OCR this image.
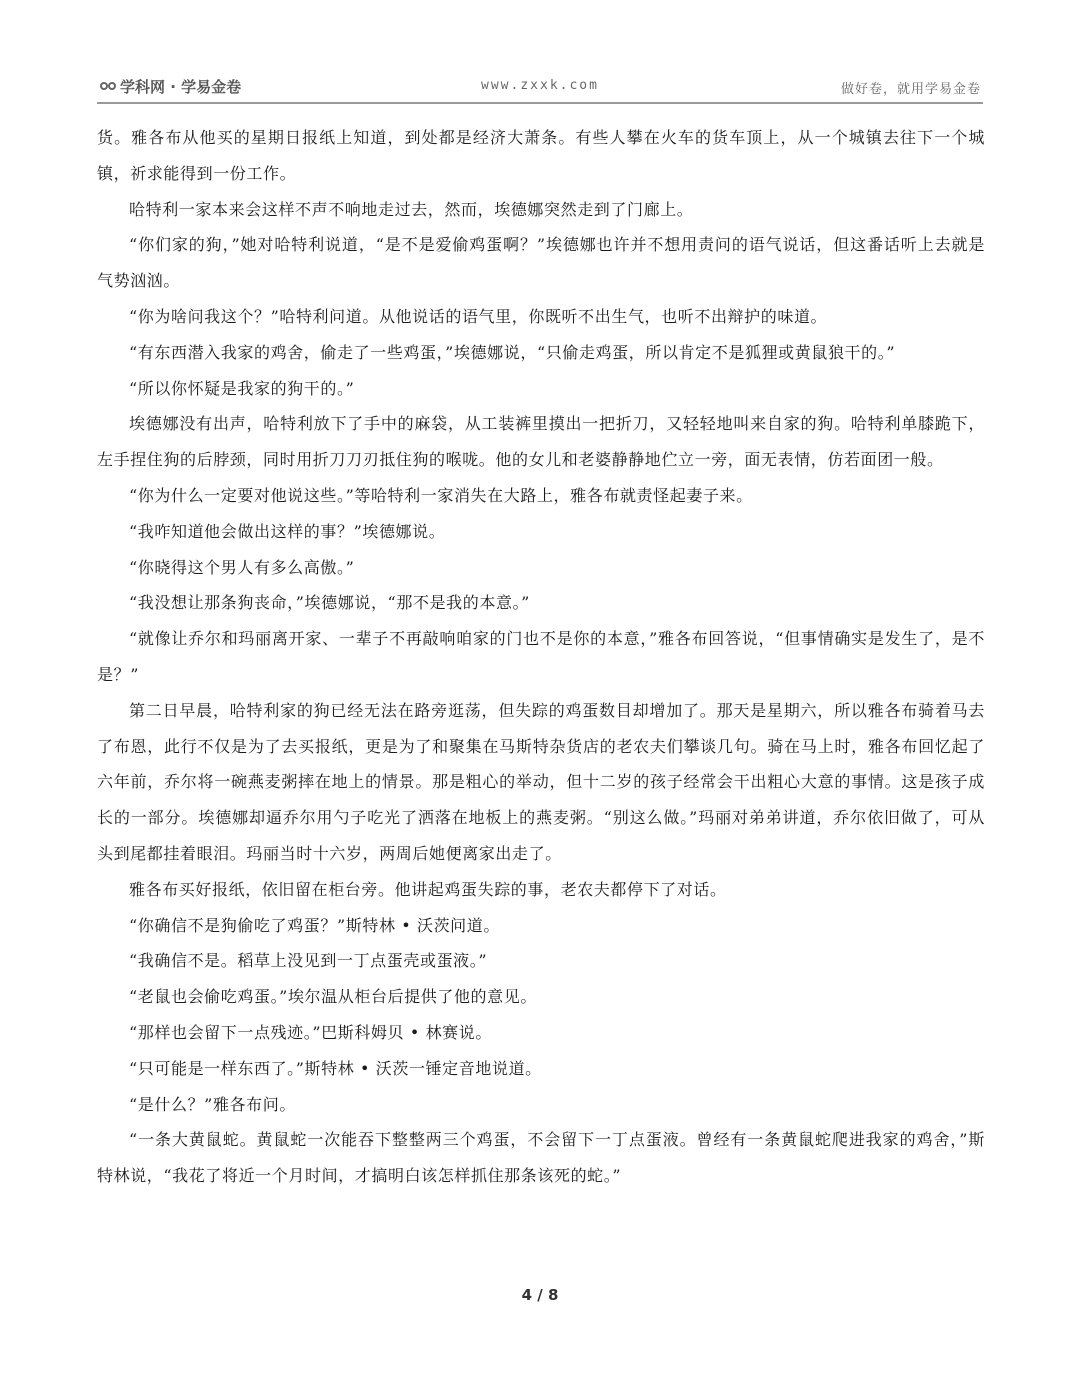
学科网 · 学易金卷	www.zxxk.com	做好卷，就用学易金卷

货。雅各布从他买的星期日报纸上知道，到处都是经济大萧条。有些人攀在火车的货车顶上，从一个城镇去往下一个城镇，祈求能得到一份工作。

哈特利一家本来会这样不声不响地走过去，然而，埃德娜突然走到了门廊上。

“你们家的狗，”她对哈特利说道，“是不是爱偷鸡蛋啊？”埃德娜也许并不想用责问的语气说话，但这番话听上去就是气势汹汹。

“你为啥问我这个？”哈特利问道。从他说话的语气里，你既听不出生气，也听不出辩护的味道。

“有东西潜入我家的鸡舍，偷走了一些鸡蛋，”埃德娜说，“只偷走鸡蛋，所以肯定不是狐狸或黄鼠狼干的。”

“所以你怀疑是我家的狗干的。”

埃德娜没有出声，哈特利放下了手中的麻袋，从工装裤里摸出一把折刀，又轻轻地叫来自家的狗。哈特利单膝跪下，左手捏住狗的后脖颈，同时用折刀刀刃抵住狗的喉咙。他的女儿和老婆静静地伫立一旁，面无表情，仿若面团一般。

“你为什么一定要对他说这些。”等哈特利一家消失在大路上，雅各布就责怪起妻子来。

“我咋知道他会做出这样的事？”埃德娜说。

“你晓得这个男人有多么高傲。”

“我没想让那条狗丧命，”埃德娜说，“那不是我的本意。”

“就像让乔尔和玛丽离开家、一辈子不再敲响咱家的门也不是你的本意，”雅各布回答说，“但事情确实是发生了，是不是？”

第二日早晨，哈特利家的狗已经无法在路旁逛荡，但失踪的鸡蛋数目却增加了。那天是星期六，所以雅各布骑着马去了布恩，此行不仅是为了去买报纸，更是为了和聚集在马斯特杂货店的老农夫们攀谈几句。骑在马上时，雅各布回忆起了六年前，乔尔将一碗燕麦粥摔在地上的情景。那是粗心的举动，但十二岁的孩子经常会干出粗心大意的事情。这是孩子成长的一部分。埃德娜却逼乔尔用勺子吃光了洒落在地板上的燕麦粥。“别这么做。”玛丽对弟弟讲道，乔尔依旧做了，可从头到尾都挂着眼泪。玛丽当时十六岁，两周后她便离家出走了。

雅各布买好报纸，依旧留在柜台旁。他讲起鸡蛋失踪的事，老农夫都停下了对话。

“你确信不是狗偷吃了鸡蛋？”斯特林 • 沃茨问道。

“我确信不是。稻草上没见到一丁点蛋壳或蛋液。”

“老鼠也会偷吃鸡蛋。”埃尔温从柜台后提供了他的意见。

“那样也会留下一点残迹。”巴斯科姆贝 • 林赛说。

“只可能是一样东西了。”斯特林 • 沃茨一锤定音地说道。

“是什么？”雅各布问。

“一条大黄鼠蛇。黄鼠蛇一次能吞下整整两三个鸡蛋，不会留下一丁点蛋液。曾经有一条黄鼠蛇爬进我家的鸡舍，”斯特林说，“我花了将近一个月时间，才搞明白该怎样抓住那条该死的蛇。”

4 / 8
